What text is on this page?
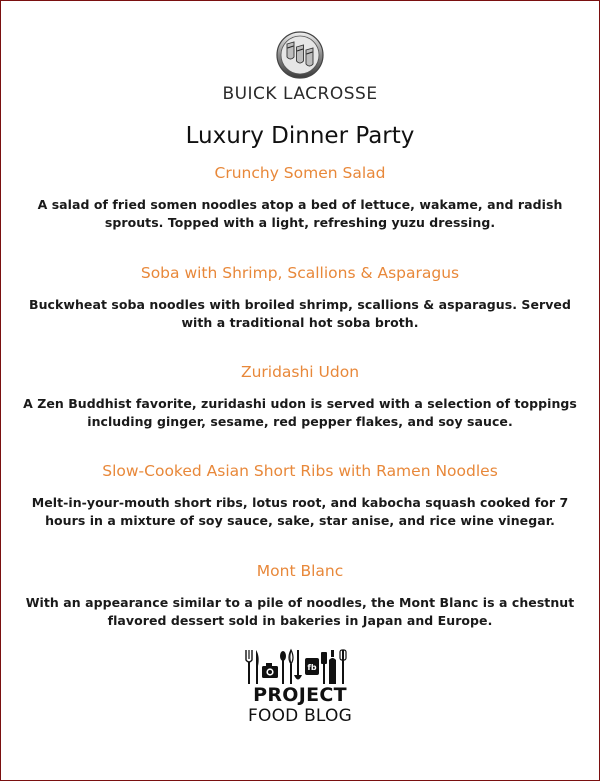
BUICK LACROSSE
Luxury Dinner Party
Crunchy Somen Salad
A salad of fried somen noodles atop a bed of lettuce, wakame, and radish sprouts. Topped with a light, refreshing yuzu dressing.
Soba with Shrimp, Scallions & Asparagus
Buckwheat soba noodles with broiled shrimp, scallions & asparagus. Served with a traditional hot soba broth.
Zuridashi Udon
A Zen Buddhist favorite, zuridashi udon is served with a selection of toppings including ginger, sesame, red pepper flakes, and soy sauce.
Slow-Cooked Asian Short Ribs with Ramen Noodles
Melt-in-your-mouth short ribs, lotus root, and kabocha squash cooked for 7 hours in a mixture of soy sauce, sake, star anise, and rice wine vinegar.
Mont Blanc
With an appearance similar to a pile of noodles, the Mont Blanc is a chestnut flavored dessert sold in bakeries in Japan and Europe.
fb
PROJECT
FOOD BLOG
